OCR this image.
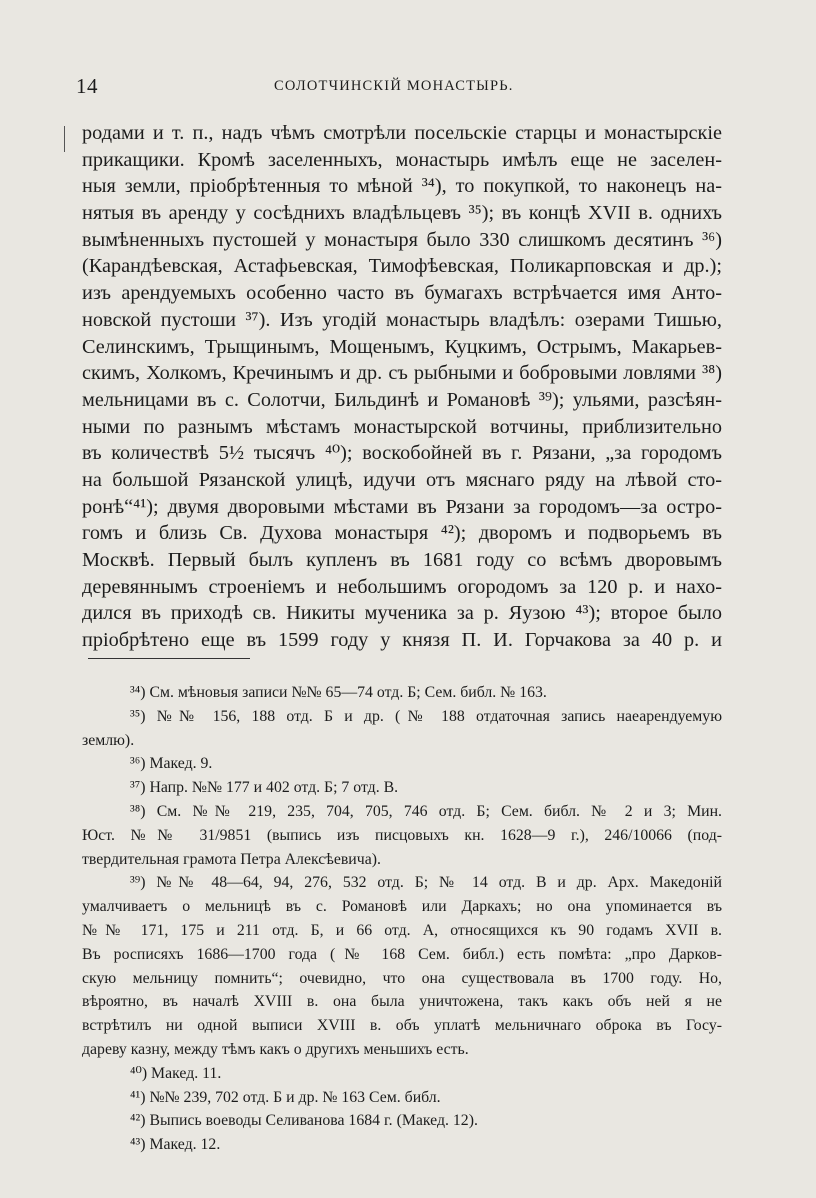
14	СОЛОТЧИНСКІЙ МОНАСТЫРЬ.
родами и т. п., надъ чѣмъ смотрѣли посельскіе старцы и монастырскіе
прикащики. Кромѣ заселенныхъ, монастырь имѣлъ еще не заселен-
ныя земли, пріобрѣтенныя то мѣной ³⁴), то покупкой, то наконецъ на-
нятыя въ аренду у сосѣднихъ владѣльцевъ ³⁵); въ концѣ XVII в. однихъ
вымѣненныхъ пустошей у монастыря было 330 слишкомъ десятинъ ³⁶)
(Карандѣевская, Астафьевская, Тимофѣевская, Поликарповская и др.);
изъ арендуемыхъ особенно часто въ бумагахъ встрѣчается имя Анто-
новской пустоши ³⁷). Изъ угодій монастырь владѣлъ: озерами Тишью,
Селинскимъ, Трыщинымъ, Мощенымъ, Куцкимъ, Острымъ, Макарьев-
скимъ, Холкомъ, Кречинымъ и др. съ рыбными и бобровыми ловлями ³⁸)
мельницами въ с. Солотчи, Бильдинѣ и Романовѣ ³⁹); ульями, разсѣян-
ными по разнымъ мѣстамъ монастырской вотчины, приблизительно
въ количествѣ 5½ тысячъ ⁴⁰); воскобойней въ г. Рязани, „за городомъ
на большой Рязанской улицѣ, идучи отъ мяснаго ряду на лѣвой сто-
ронѣ“⁴¹); двумя дворовыми мѣстами въ Рязани за городомъ—за остро-
гомъ и близь Св. Духова монастыря ⁴²); дворомъ и подворьемъ въ
Москвѣ. Первый былъ купленъ въ 1681 году со всѣмъ дворовымъ
деревяннымъ строеніемъ и небольшимъ огородомъ за 120 р. и нахо-
дился въ приходѣ св. Никиты мученика за р. Яузою ⁴³); второе было
пріобрѣтено еще въ 1599 году у князя П. И. Горчакова за 40 р. и
³⁴) См. мѣновыя записи №№ 65—74 отд. Б; Сем. библ. № 163.
³⁵) №№ 156, 188 отд. Б и др. (№ 188 отдаточная запись наеарендуемую
землю).
³⁶) Макед. 9.
³⁷) Напр. №№ 177 и 402 отд. Б; 7 отд. В.
³⁸) См. №№ 219, 235, 704, 705, 746 отд. Б; Сем. библ. № 2 и 3; Мин.
Юст. №№ 31/9851 (выпись изъ писцовыхъ кн. 1628—9 г.), 246/10066 (под-
твердительная грамота Петра Алексѣевича).
³⁹) №№ 48—64, 94, 276, 532 отд. Б; № 14 отд. В и др. Арх. Македоній
умалчиваетъ о мельницѣ въ с. Романовѣ или Даркахъ; но она упоминается въ
№№ 171, 175 и 211 отд. Б, и 66 отд. А, относящихся къ 90 годамъ XVII в.
Въ росписяхъ 1686—1700 года (№ 168 Сем. библ.) есть помѣта: „про Дарков-
скую мельницу помнить“; очевидно, что она существовала въ 1700 году. Но,
вѣроятно, въ началѣ XVIII в. она была уничтожена, такъ какъ объ ней я не
встрѣтилъ ни одной выписи XVIII в. объ уплатѣ мельничнаго оброка въ Госу-
дареву казну, между тѣмъ какъ о другихъ меньшихъ есть.
⁴⁰) Макед. 11.
⁴¹) №№ 239, 702 отд. Б и др. № 163 Сем. библ.
⁴²) Выпись воеводы Селиванова 1684 г. (Макед. 12).
⁴³) Макед. 12.
